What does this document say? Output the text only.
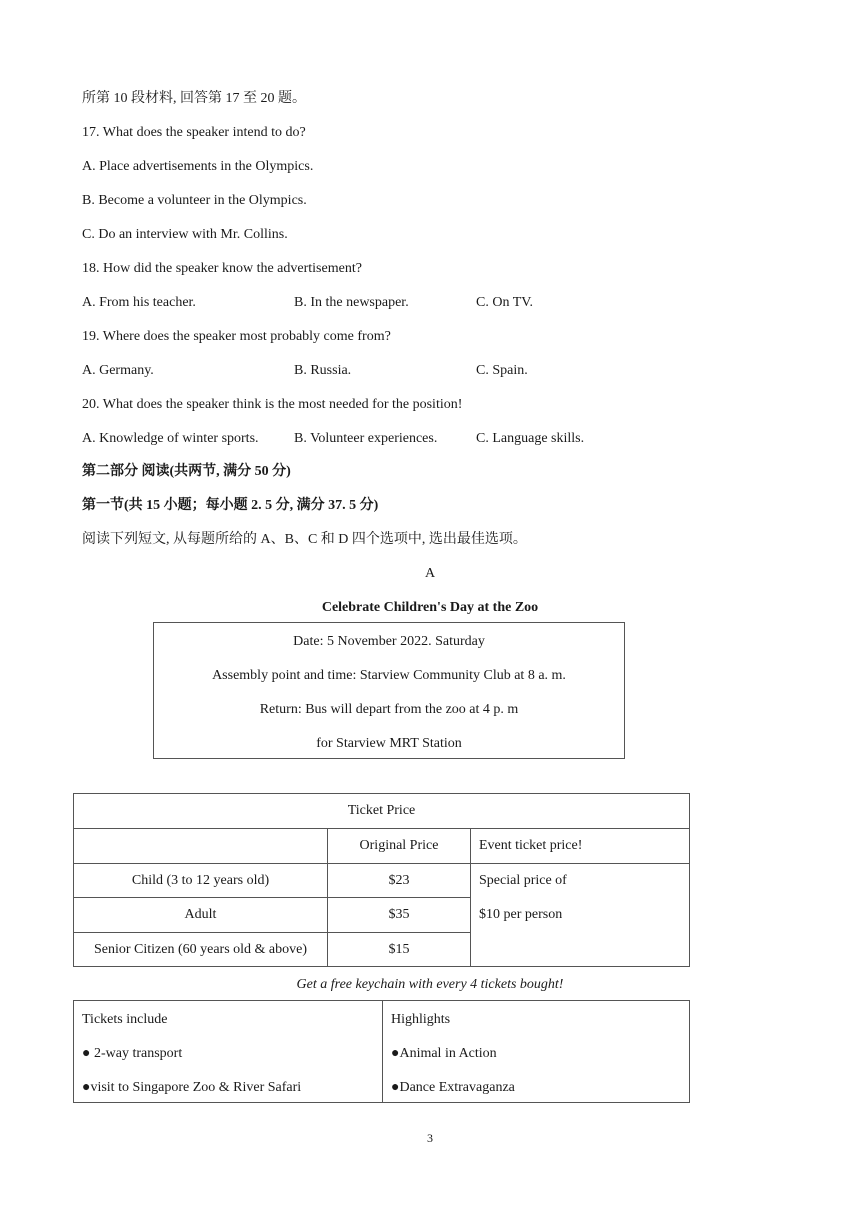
所第 10 段材料, 回答第 17 至 20 题。
17. What does the speaker intend to do?
A. Place advertisements in the Olympics.
B. Become a volunteer in the Olympics.
C. Do an interview with Mr. Collins.
18. How did the speaker know the advertisement?
A. From his teacher.	B. In the newspaper.	C. On TV.
19. Where does the speaker most probably come from?
A. Germany.	B. Russia.	C. Spain.
20. What does the speaker think is the most needed for the position!
A. Knowledge of winter sports.	B. Volunteer experiences.	C. Language skills.
第二部分 阅读(共两节, 满分 50 分)
第一节(共 15 小题；每小题 2. 5 分, 满分 37. 5 分)
阅读下列短文, 从每题所给的 A、B、C 和 D 四个选项中, 选出最佳选项。
A
Celebrate Children's Day at the Zoo
Date: 5 November 2022. Saturday
Assembly point and time: Starview Community Club at 8 a. m.
Return: Bus will depart from the zoo at 4 p. m
for Starview MRT Station
Ticket Price		
	Original Price	Event ticket price!
Child (3 to 12 years old)	$23	Special price of
$10 per person

Adult	$35	
Senior Citizen (60 years old & above)	$15	
Get a free keychain with every 4 tickets bought!
Tickets include
● 2-way transport
●visit to Singapore Zoo & River Safari

Highlights
●Animal in Action
●Dance Extravaganza
3
